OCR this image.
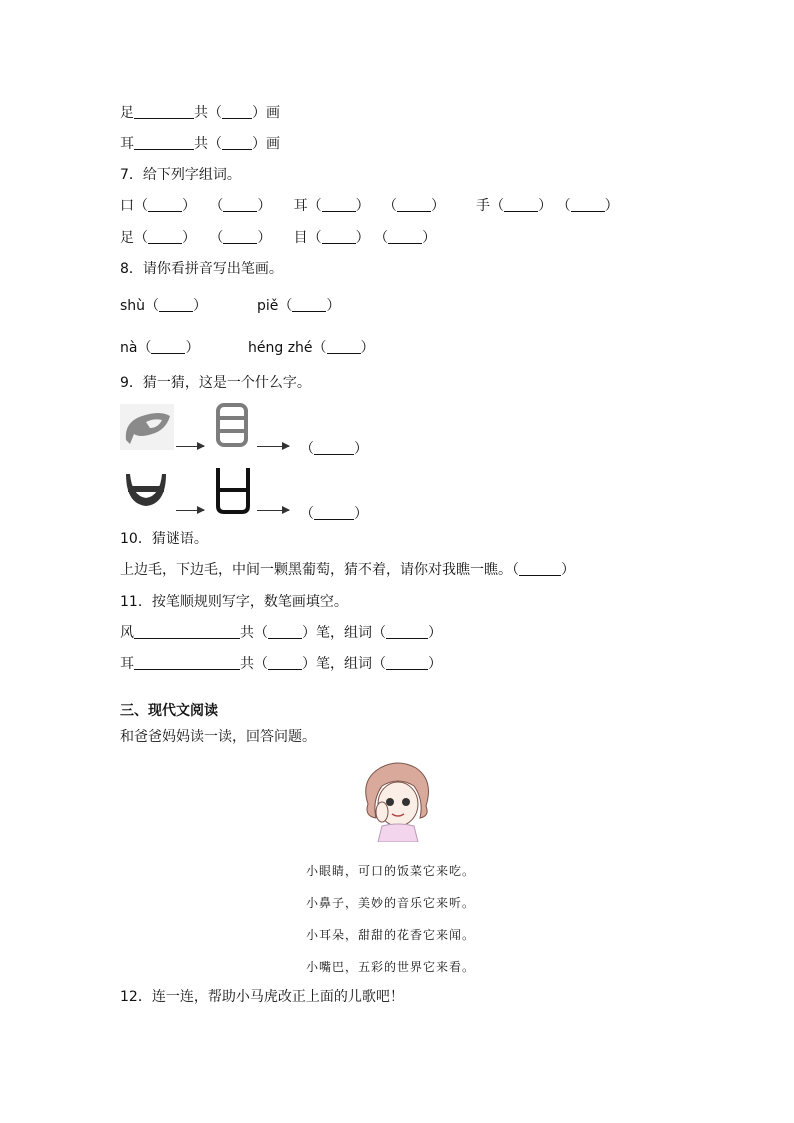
足	共（ ）画
耳	共（ ）画
7．给下列字组词。
口（ ） （ ） 耳（ ） （ ） 手（ ） （ ）
足（ ） （ ） 目（ ） （ ）
8．请你看拼音写出笔画。
shù（ ）	piě（ ）
nà（ ）	héng zhé（ ）
9．猜一猜，这是一个什么字。
（	）
（	）
10．猜谜语。
上边毛，下边毛，中间一颗黑葡萄，猜不着，请你对我瞧一瞧。（	）
11．按笔顺规则写字，数笔画填空。
风	共（ ）笔，组词（	）
耳	共（ ）笔，组词（	）
三、现代文阅读
和爸爸妈妈读一读，回答问题。
小眼睛，可口的饭菜它来吃。
小鼻子，美妙的音乐它来听。
小耳朵，甜甜的花香它来闻。
小嘴巴，五彩的世界它来看。
12．连一连，帮助小马虎改正上面的儿歌吧！
